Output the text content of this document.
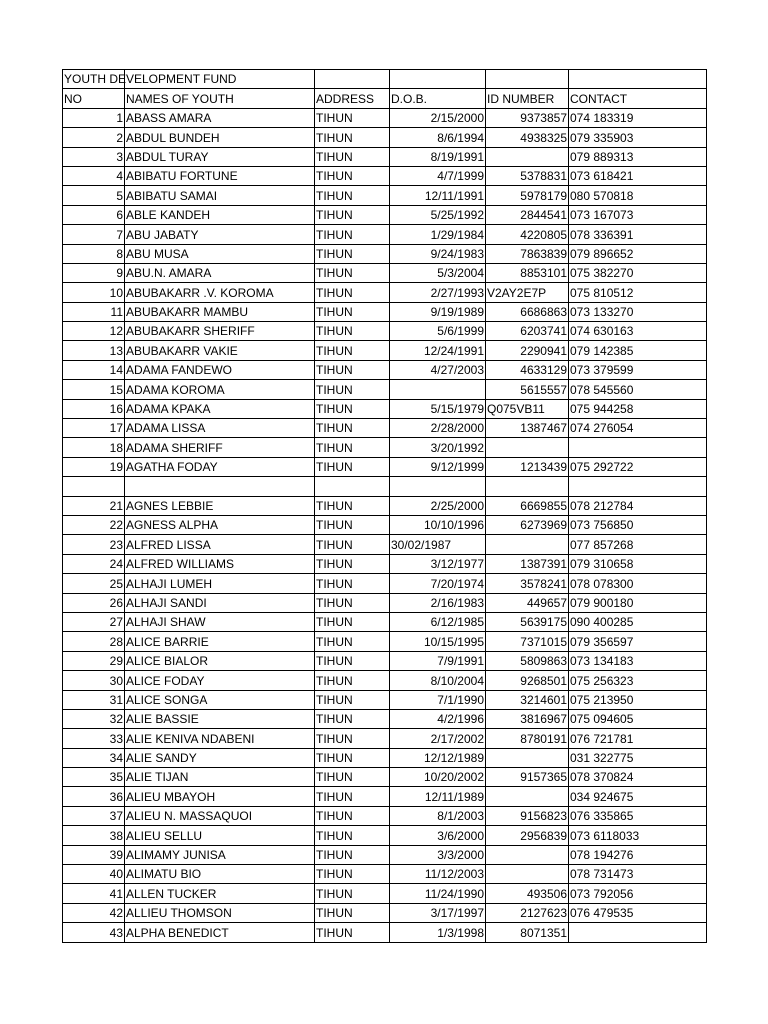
YOUTH DEVELOPMENT FUND					

NO	NAMES OF YOUTH	ADDRESS	D.O.B.	ID NUMBER	CONTACT
1	ABASS AMARA	TIHUN	2/15/2000	9373857	074 183319
2	ABDUL BUNDEH	TIHUN	8/6/1994	4938325	079 335903
3	ABDUL TURAY	TIHUN	8/19/1991		079 889313
4	ABIBATU FORTUNE	TIHUN	4/7/1999	5378831	073 618421
5	ABIBATU SAMAI	TIHUN	12/11/1991	5978179	080 570818
6	ABLE KANDEH	TIHUN	5/25/1992	2844541	073 167073
7	ABU JABATY	TIHUN	1/29/1984	4220805	078 336391
8	ABU MUSA	TIHUN	9/24/1983	7863839	079 896652
9	ABU.N. AMARA	TIHUN	5/3/2004	8853101	075 382270
10	ABUBAKARR .V. KOROMA	TIHUN	2/27/1993	V2AY2E7P	075 810512
11	ABUBAKARR MAMBU	TIHUN	9/19/1989	6686863	073 133270
12	ABUBAKARR SHERIFF	TIHUN	5/6/1999	6203741	074 630163
13	ABUBAKARR VAKIE	TIHUN	12/24/1991	2290941	079 142385
14	ADAMA FANDEWO	TIHUN	4/27/2003	4633129	073 379599
15	ADAMA KOROMA	TIHUN		5615557	078 545560
16	ADAMA KPAKA	TIHUN	5/15/1979	Q075VB11	075 944258
17	ADAMA LISSA	TIHUN	2/28/2000	1387467	074 276054
18	ADAMA SHERIFF	TIHUN	3/20/1992		
19	AGATHA FODAY	TIHUN	9/12/1999	1213439	075 292722

21	AGNES LEBBIE	TIHUN	2/25/2000	6669855	078 212784
22	AGNESS ALPHA	TIHUN	10/10/1996	6273969	073 756850
23	ALFRED LISSA	TIHUN	30/02/1987		077 857268
24	ALFRED WILLIAMS	TIHUN	3/12/1977	1387391	079 310658
25	ALHAJI LUMEH	TIHUN	7/20/1974	3578241	078 078300
26	ALHAJI SANDI	TIHUN	2/16/1983	449657	079 900180
27	ALHAJI SHAW	TIHUN	6/12/1985	5639175	090 400285
28	ALICE BARRIE	TIHUN	10/15/1995	7371015	079 356597
29	ALICE BIALOR	TIHUN	7/9/1991	5809863	073 134183
30	ALICE FODAY	TIHUN	8/10/2004	9268501	075 256323
31	ALICE SONGA	TIHUN	7/1/1990	3214601	075 213950
32	ALIE BASSIE	TIHUN	4/2/1996	3816967	075 094605
33	ALIE KENIVA NDABENI	TIHUN	2/17/2002	8780191	076 721781
34	ALIE SANDY	TIHUN	12/12/1989		031 322775
35	ALIE TIJAN	TIHUN	10/20/2002	9157365	078 370824
36	ALIEU MBAYOH	TIHUN	12/11/1989		034 924675
37	ALIEU N. MASSAQUOI	TIHUN	8/1/2003	9156823	076 335865
38	ALIEU SELLU	TIHUN	3/6/2000	2956839	073 6118033
39	ALIMAMY JUNISA	TIHUN	3/3/2000		078 194276
40	ALIMATU BIO	TIHUN	11/12/2003		078 731473
41	ALLEN TUCKER	TIHUN	11/24/1990	493506	073 792056
42	ALLIEU THOMSON	TIHUN	3/17/1997	2127623	076 479535
43	ALPHA BENEDICT	TIHUN	1/3/1998	8071351	
